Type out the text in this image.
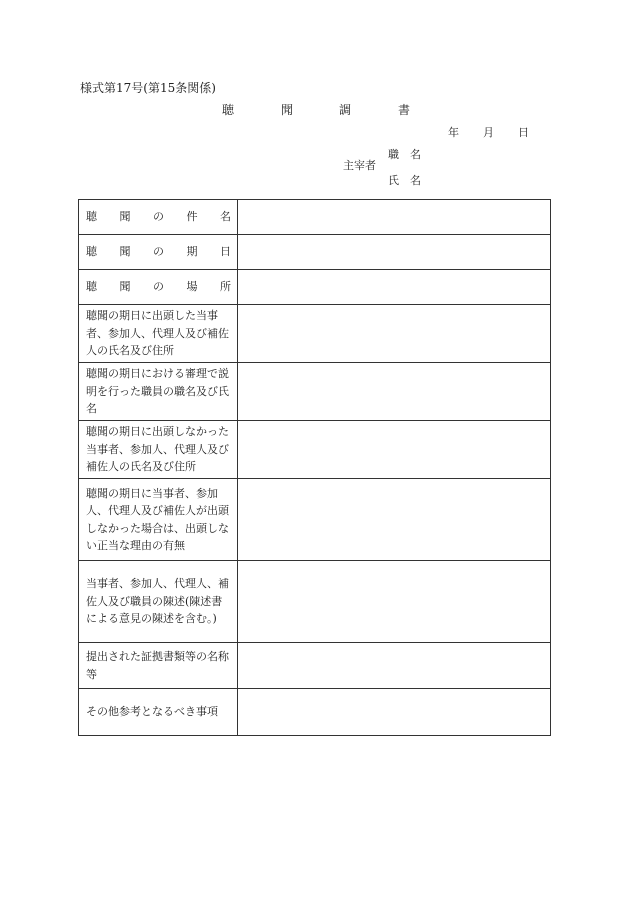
様式第17号(第15条関係)
聴	聞	調	書
年 月 日
主宰者
職　名
氏　名
聴 聞 の 件 名	

聴 聞 の 期 日	

聴 聞 の 場 所	

聴聞の期日に出頭した当事者、参加人、代理人及び補佐人の氏名及び住所	
聴聞の期日における審理で説明を行った職員の職名及び氏名	
聴聞の期日に出頭しなかった当事者、参加人、代理人及び補佐人の氏名及び住所	
聴聞の期日に当事者、参加人、代理人及び補佐人が出頭しなかった場合は、出頭しない正当な理由の有無	
当事者、参加人、代理人、補佐人及び職員の陳述(陳述書による意見の陳述を含む。)	
提出された証拠書類等の名称等	
その他参考となるべき事項	
